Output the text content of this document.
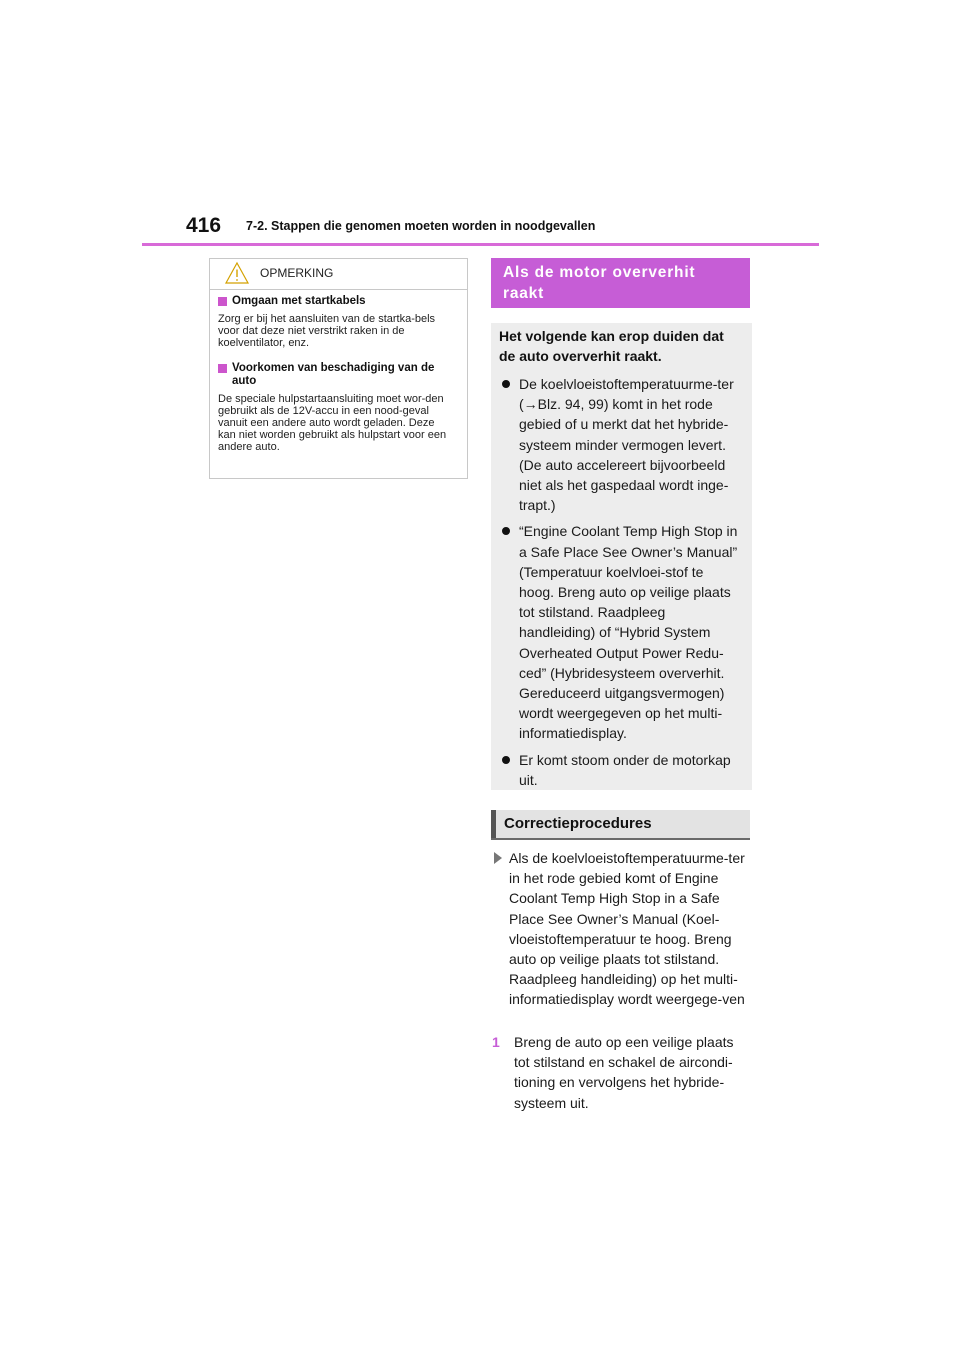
416 7-2. Stappen die genomen moeten worden in noodgevallen
OPMERKING
Omgaan met startkabels
Zorg er bij het aansluiten van de startka-bels voor dat deze niet verstrikt raken in de koelventilator, enz.
Voorkomen van beschadiging van de auto
De speciale hulpstartaansluiting moet wor-den gebruikt als de 12V-accu in een nood-geval vanuit een andere auto wordt geladen. Deze kan niet worden gebruikt als hulpstart voor een andere auto.
Als de motor oververhit raakt
Het volgende kan erop duiden dat de auto oververhit raakt.
De koelvloeistoftemperatuurme-ter (→Blz. 94, 99) komt in het rode gebied of u merkt dat het hybride-systeem minder vermogen levert. (De auto accelereert bijvoorbeeld niet als het gaspedaal wordt inge-trapt.)
“Engine Coolant Temp High Stop in a Safe Place See Owner’s Manual” (Temperatuur koelvloei-stof te hoog. Breng auto op veilige plaats tot stilstand. Raadpleeg handleiding) of “Hybrid System Overheated Output Power Redu-ced” (Hybridesysteem oververhit. Gereduceerd uitgangsvermogen) wordt weergegeven op het multi-informatiedisplay.
Er komt stoom onder de motorkap uit.
Correctieprocedures
Als de koelvloeistoftemperatuurme-ter in het rode gebied komt of Engine Coolant Temp High Stop in a Safe Place See Owner’s Manual (Koel-vloeistoftemperatuur te hoog. Breng auto op veilige plaats tot stilstand. Raadpleeg handleiding) op het multi-informatiedisplay wordt weergege-ven
1	Breng de auto op een veilige plaats tot stilstand en schakel de aircondi-tioning en vervolgens het hybride-systeem uit.
